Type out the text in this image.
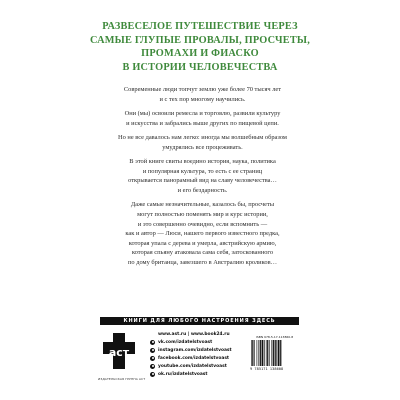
РАЗВЕСЕЛОЕ ПУТЕШЕСТВИЕ ЧЕРЕЗ
САМЫЕ ГЛУПЫЕ ПРОВАЛЫ, ПРОСЧЕТЫ,
ПРОМАХИ И ФИАСКО
В ИСТОРИИ ЧЕЛОВЕЧЕСТВА
Современные люди топчут землю уже более 70 тысяч лет
и с тех пор многому научились.
Они (мы) освоили ремесла и торговлю, развили культуру
и искусства и забрались выше других по пищевой цепи.
Но не все давалось нам легко: иногда мы волшебным образом
умудрялись все процеживать.
В этой книге свиты воедино история, наука, политика
и популярная культура, то есть с ее страниц
открывается панорамный вид на славу человечества…
и его бездарность.
Даже самые незначительные, казалось бы, просчеты
могут полностью поменять мир и курс истории,
и это совершенно очевидно, если вспомнить —
как и автор — Люси, нашего первого известного предка,
которая упала с дерева и умерла, австрийскую армию,
которая спьяну атаковала сама себя, затоскованного
по дому британца, завезшего в Австралию кроликов…
КНИГИ ДЛЯ ЛЮБОГО НАСТРОЕНИЯ ЗДЕСЬ
аст
ИЗДАТЕЛЬСКАЯ ГРУППА АСТ
www.ast.ru | www.book24.ru
vk.com/izdatelstvoast
instagram.com/izdatelstvoast
facebook.com/izdatelstvoast
youtube.com/izdatelstvoast
ok.ru/izdatelstvoast
ISBN 978-5-17-113860-8
9 785171 138608
